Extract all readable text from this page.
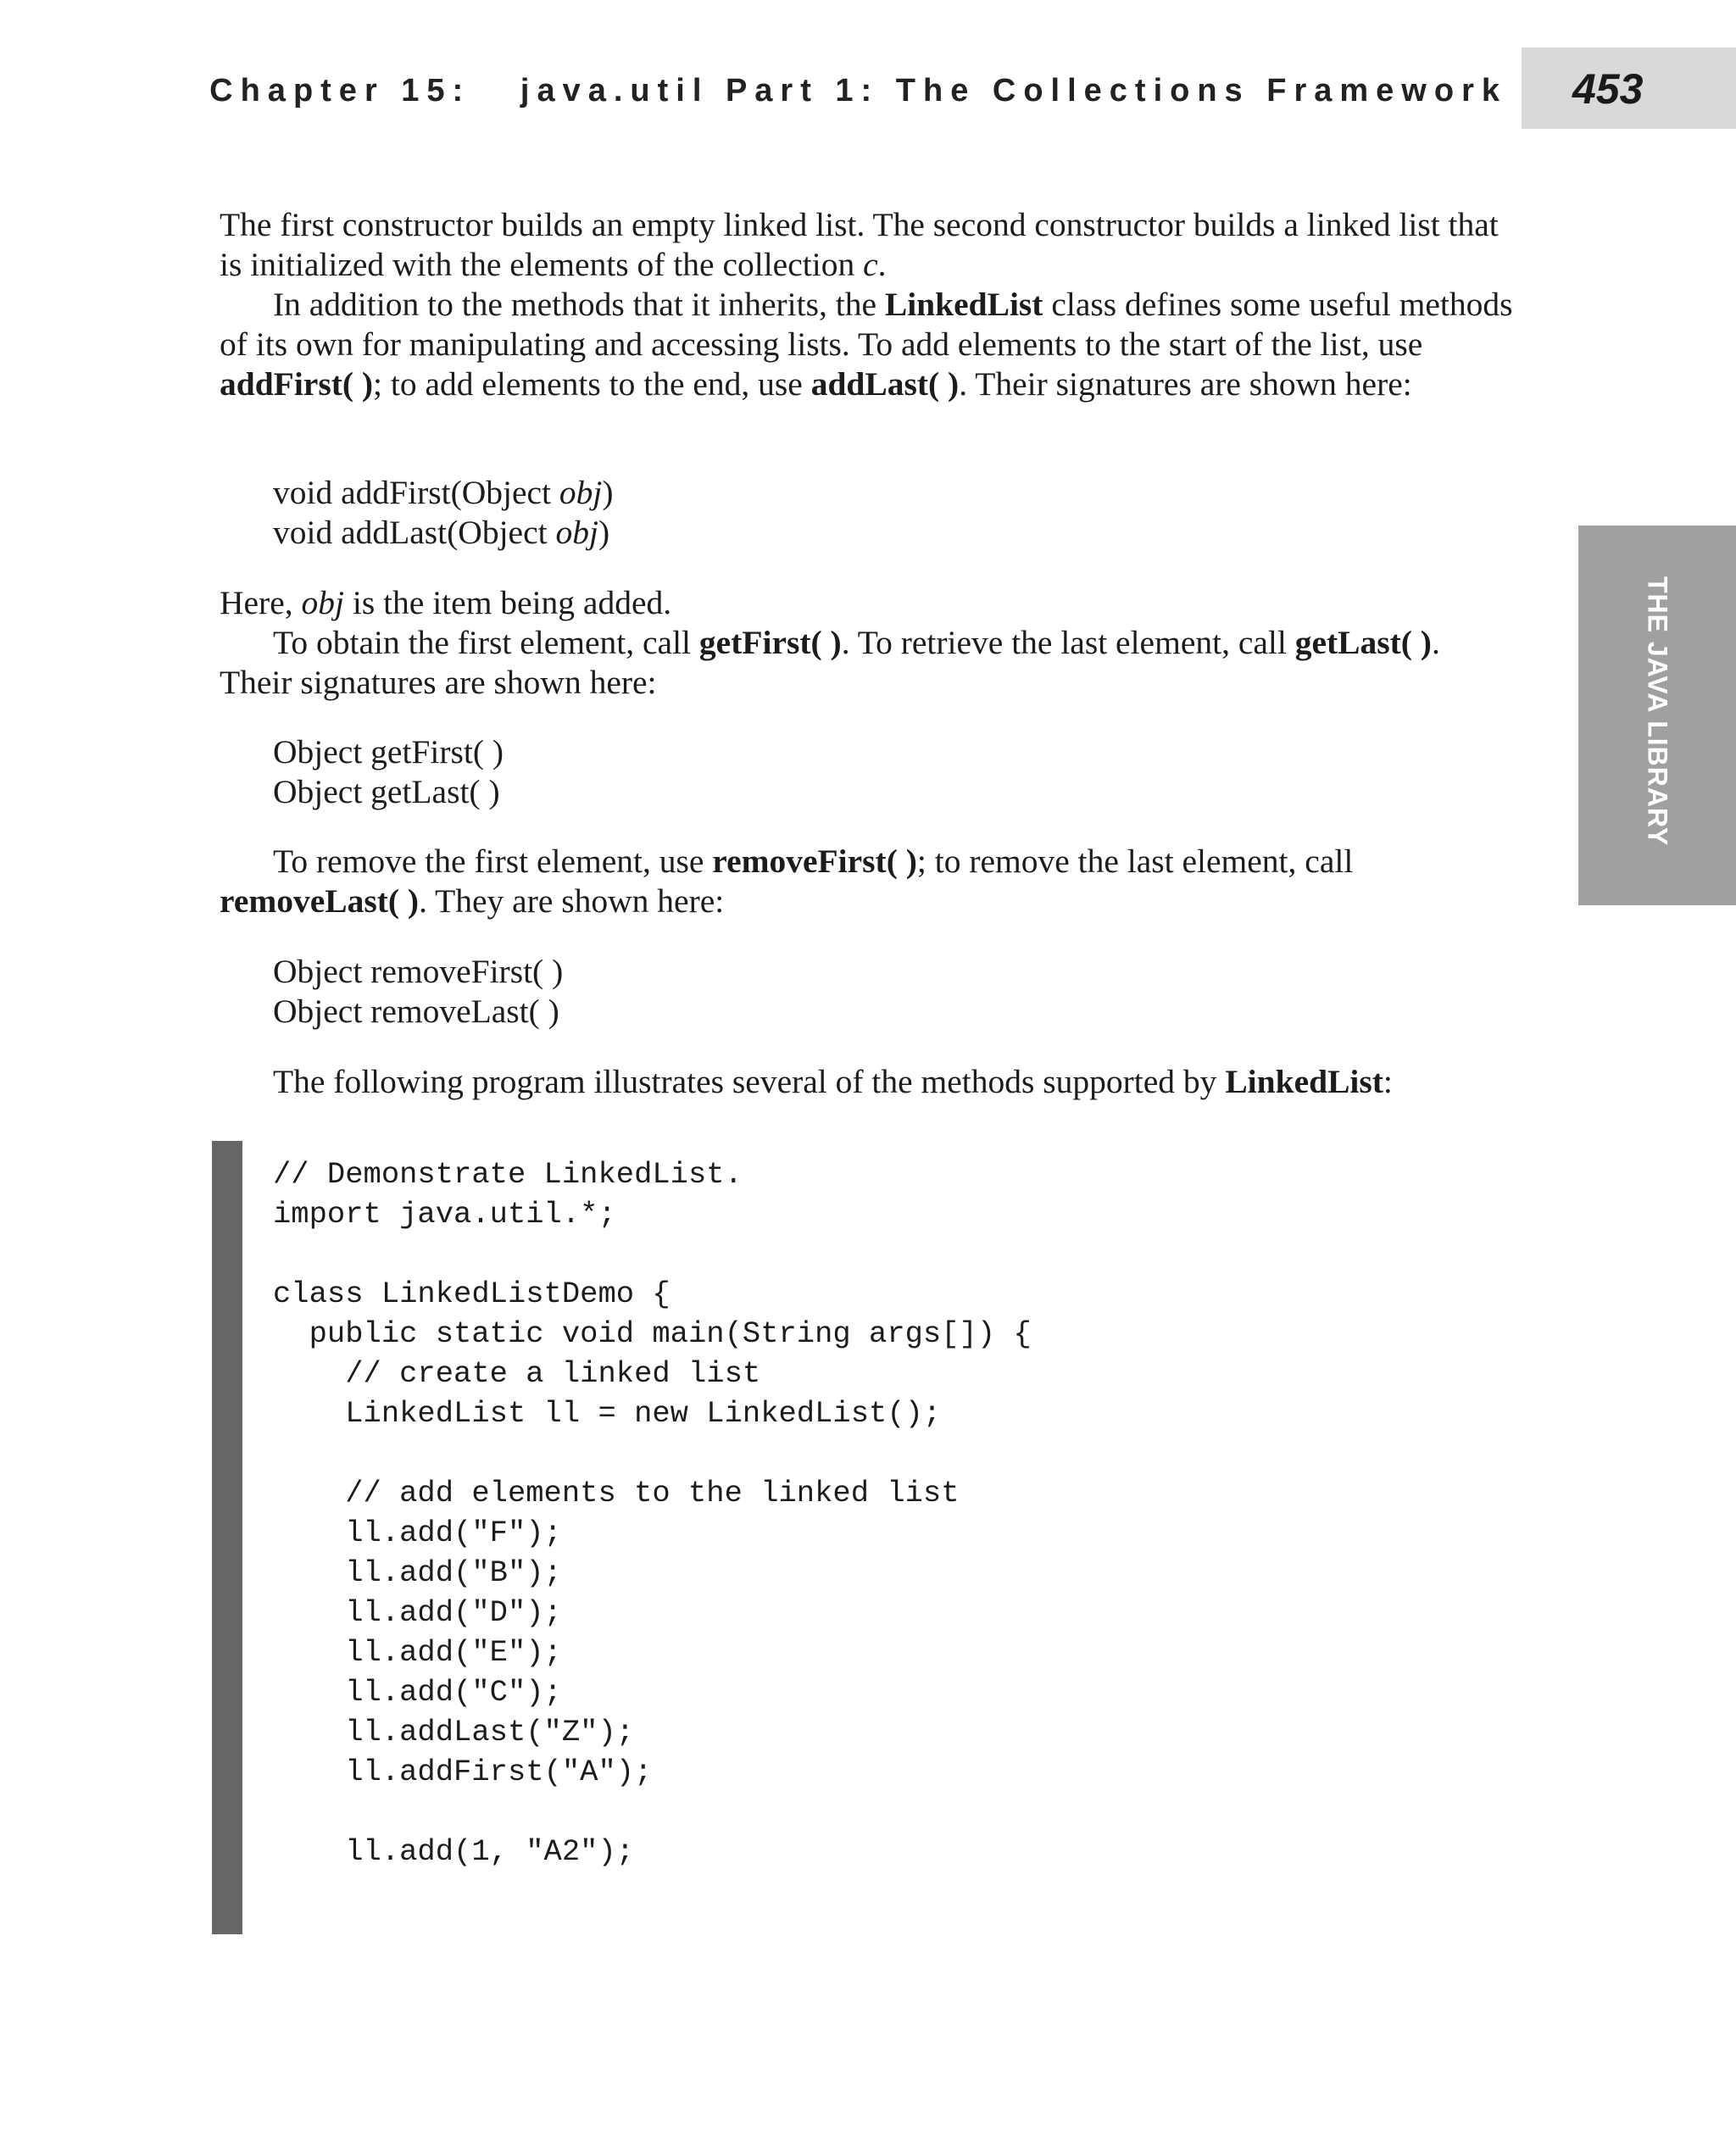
Chapter 15:   java.util Part 1: The Collections Framework 453
THE JAVA LIBRARY

The first constructor builds an empty linked list. The second constructor builds a linked list that is initialized with the elements of the collection c.

In addition to the methods that it inherits, the LinkedList class defines some useful methods of its own for manipulating and accessing lists. To add elements to the start of the list, use addFirst( ); to add elements to the end, use addLast( ). Their signatures are shown here:

void addFirst(Object obj)
void addLast(Object obj)

Here, obj is the item being added.

To obtain the first element, call getFirst( ). To retrieve the last element, call getLast( ). Their signatures are shown here:

Object getFirst( )
Object getLast( )

To remove the first element, use removeFirst( ); to remove the last element, call removeLast( ). They are shown here:

Object removeFirst( )
Object removeLast( )

The following program illustrates several of the methods supported by LinkedList:

// Demonstrate LinkedList.
import java.util.*;
class LinkedListDemo {
public static void main(String args[]) {
// create a linked list
LinkedList ll = new LinkedList();
// add elements to the linked list
ll.add("F");
ll.add("B");
ll.add("D");
ll.add("E");
ll.add("C");
ll.addLast("Z");
ll.addFirst("A");
ll.add(1, "A2");
